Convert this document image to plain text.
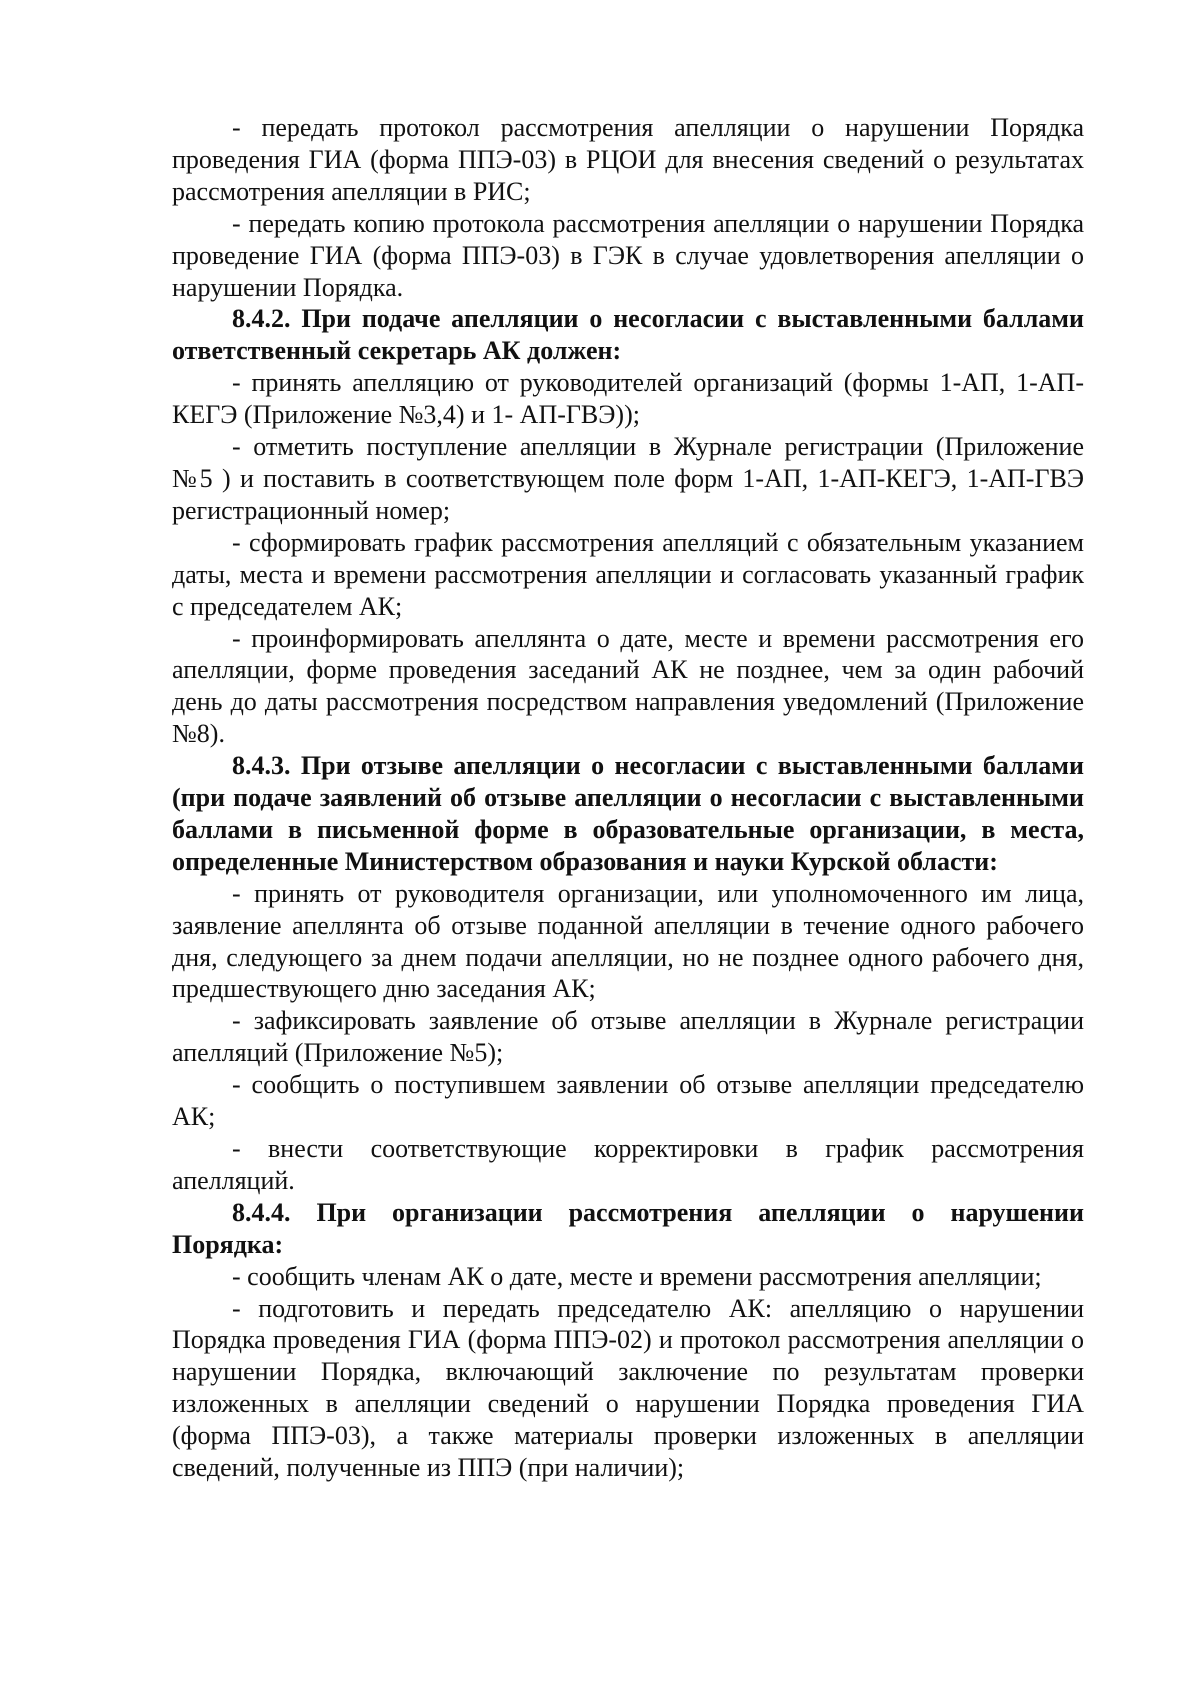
- передать протокол рассмотрения апелляции о нарушении Порядка проведения ГИА (форма ППЭ-03) в РЦОИ для внесения сведений о результатах рассмотрения апелляции в РИС;

- передать копию протокола рассмотрения апелляции о нарушении Порядка проведение ГИА (форма ППЭ-03) в ГЭК в случае удовлетворения апелляции о нарушении Порядка.

8.4.2. При подаче апелляции о несогласии с выставленными баллами ответственный секретарь АК должен:

- принять апелляцию от руководителей организаций (формы 1-АП, 1-АП-КЕГЭ (Приложение №3,4) и 1- АП-ГВЭ));

- отметить поступление апелляции в Журнале регистрации (Приложение №5 ) и поставить в соответствующем поле форм 1-АП, 1-АП-КЕГЭ, 1-АП-ГВЭ регистрационный номер;

- сформировать график рассмотрения апелляций с обязательным указанием даты, места и времени рассмотрения апелляции и согласовать указанный график с председателем АК;

- проинформировать апеллянта о дате, месте и времени рассмотрения его апелляции, форме проведения заседаний АК не позднее, чем за один рабочий день до даты рассмотрения посредством направления уведомлений (Приложение №8).

8.4.3. При отзыве апелляции о несогласии с выставленными баллами (при подаче заявлений об отзыве апелляции о несогласии с выставленными баллами в письменной форме в образовательные организации, в места, определенные Министерством образования и науки Курской области:

- принять от руководителя организации, или уполномоченного им лица, заявление апеллянта об отзыве поданной апелляции в течение одного рабочего дня, следующего за днем подачи апелляции, но не позднее одного рабочего дня, предшествующего дню заседания АК;

- зафиксировать заявление об отзыве апелляции в Журнале регистрации апелляций (Приложение №5);

- сообщить о поступившем заявлении об отзыве апелляции председателю АК;

- внести соответствующие корректировки в график рассмотрения апелляций.

8.4.4. При организации рассмотрения апелляции о нарушении Порядка:

- сообщить членам АК о дате, месте и времени рассмотрения апелляции;

- подготовить и передать председателю АК: апелляцию о нарушении Порядка проведения ГИА (форма ППЭ-02) и протокол рассмотрения апелляции о нарушении Порядка, включающий заключение по результатам проверки изложенных в апелляции сведений о нарушении Порядка проведения ГИА (форма ППЭ-03), а также материалы проверки изложенных в апелляции сведений, полученные из ППЭ (при наличии);
